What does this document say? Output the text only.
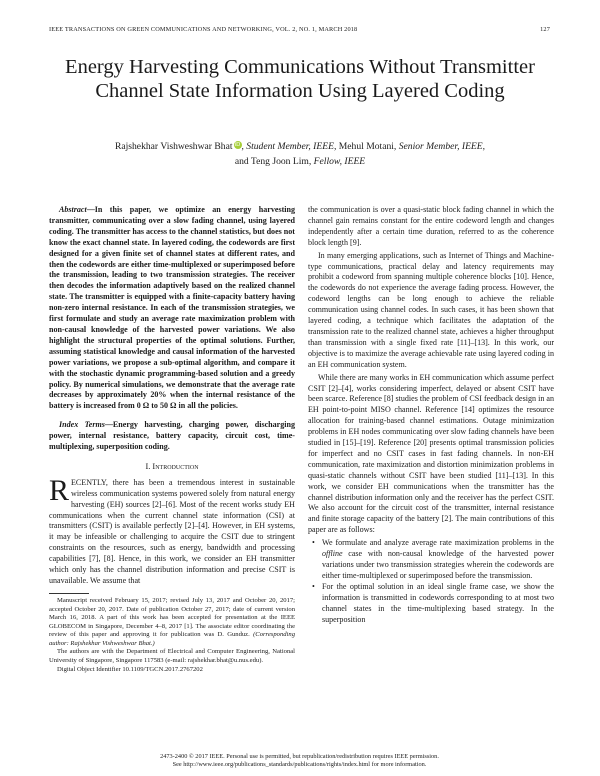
IEEE TRANSACTIONS ON GREEN COMMUNICATIONS AND NETWORKING, VOL. 2, NO. 1, MARCH 2018	127
Energy Harvesting Communications Without Transmitter Channel State Information Using Layered Coding
Rajshekhar Vishweshwar Bhat iD, Student Member, IEEE, Mehul Motani, Senior Member, IEEE,
and Teng Joon Lim, Fellow, IEEE

Abstract—In this paper, we optimize an energy harvesting transmitter, communicating over a slow fading channel, using layered coding. The transmitter has access to the channel statistics, but does not know the exact channel state. In layered coding, the codewords are first designed for a given finite set of channel states at different rates, and then the codewords are either time-multiplexed or superimposed before the transmission, leading to two transmission strategies. The receiver then decodes the information adaptively based on the realized channel state. The transmitter is equipped with a finite-capacity battery having non-zero internal resistance. In each of the transmission strategies, we first formulate and study an average rate maximization problem with non-causal knowledge of the harvested power variations. We also highlight the structural properties of the optimal solutions. Further, assuming statistical knowledge and causal information of the harvested power variations, we propose a sub-optimal algorithm, and compare it with the stochastic dynamic programming-based solution and a greedy policy. By numerical simulations, we demonstrate that the average rate decreases by approximately 20% when the internal resistance of the battery is increased from 0 Ω to 50 Ω in all the policies.

Index Terms—Energy harvesting, charging power, discharging power, internal resistance, battery capacity, circuit cost, time-multiplexing, superposition coding.

I. Introduction

RECENTLY, there has been a tremendous interest in sustainable wireless communication systems powered solely from natural energy harvesting (EH) sources [2]–[6]. Most of the recent works study EH communications when the current channel state information (CSI) at transmitters (CSIT) is available perfectly [2]–[4]. However, in EH systems, it may be infeasible or challenging to acquire the CSIT due to stringent constraints on the resources, such as energy, bandwidth and processing capabilities [7], [8]. Hence, in this work, we consider an EH transmitter which only has the channel distribution information and precise CSIT is unavailable. We assume that

Manuscript received February 15, 2017; revised July 13, 2017 and October 20, 2017; accepted October 20, 2017. Date of publication October 27, 2017; date of current version March 16, 2018. A part of this work has been accepted for presentation at the IEEE GLOBECOM in Singapore, December 4–8, 2017 [1]. The associate editor coordinating the review of this paper and approving it for publication was D. Gunduz. (Corresponding author: Rajshekhar Vishweshwar Bhat.)

The authors are with the Department of Electrical and Computer Engineering, National University of Singapore, Singapore 117583 (e-mail: rajshekhar.bhat@u.nus.edu).

Digital Object Identifier 10.1109/TGCN.2017.2767202

the communication is over a quasi-static block fading channel in which the channel gain remains constant for the entire codeword length and changes independently after a certain time duration, referred to as the coherence block length [9].

In many emerging applications, such as Internet of Things and Machine-type communications, practical delay and latency requirements may prohibit a codeword from spanning multiple coherence blocks [10]. Hence, the codewords do not experience the average fading process. However, the codeword lengths can be long enough to achieve the reliable communication using channel codes. In such cases, it has been shown that layered coding, a technique which facilitates the adaptation of the transmission rate to the realized channel state, achieves a higher throughput than transmission with a single fixed rate [11]–[13]. In this work, our objective is to maximize the average achievable rate using layered coding in an EH communication system.

While there are many works in EH communication which assume perfect CSIT [2]–[4], works considering imperfect, delayed or absent CSIT have been scarce. Reference [8] studies the problem of CSI feedback design in an EH point-to-point MISO channel. Reference [14] optimizes the resource allocation for training-based channel estimations. Outage minimization problems in EH nodes communicating over slow fading channels have been studied in [15]–[19]. Reference [20] presents optimal transmission policies for imperfect and no CSIT cases in fast fading channels. In non-EH communication, rate maximization and distortion minimization problems in quasi-static channels without CSIT have been studied [11]–[13]. In this work, we consider EH communications when the transmitter has the channel distribution information only and the receiver has the perfect CSIT. We also account for the circuit cost of the transmitter, internal resistance and finite storage capacity of the battery [2]. The main contributions of this paper are as follows:

• We formulate and analyze average rate maximization problems in the offline case with non-causal knowledge of the harvested power variations under two transmission strategies wherein the codewords are either time-multiplexed or superimposed before the transmission.
• For the optimal solution in an ideal single frame case, we show the information is transmitted in codewords corresponding to at most two channel states in the time-multiplexing based strategy. In the superposition
2473-2400 © 2017 IEEE. Personal use is permitted, but republication/redistribution requires IEEE permission.
See http://www.ieee.org/publications_standards/publications/rights/index.html for more information.
